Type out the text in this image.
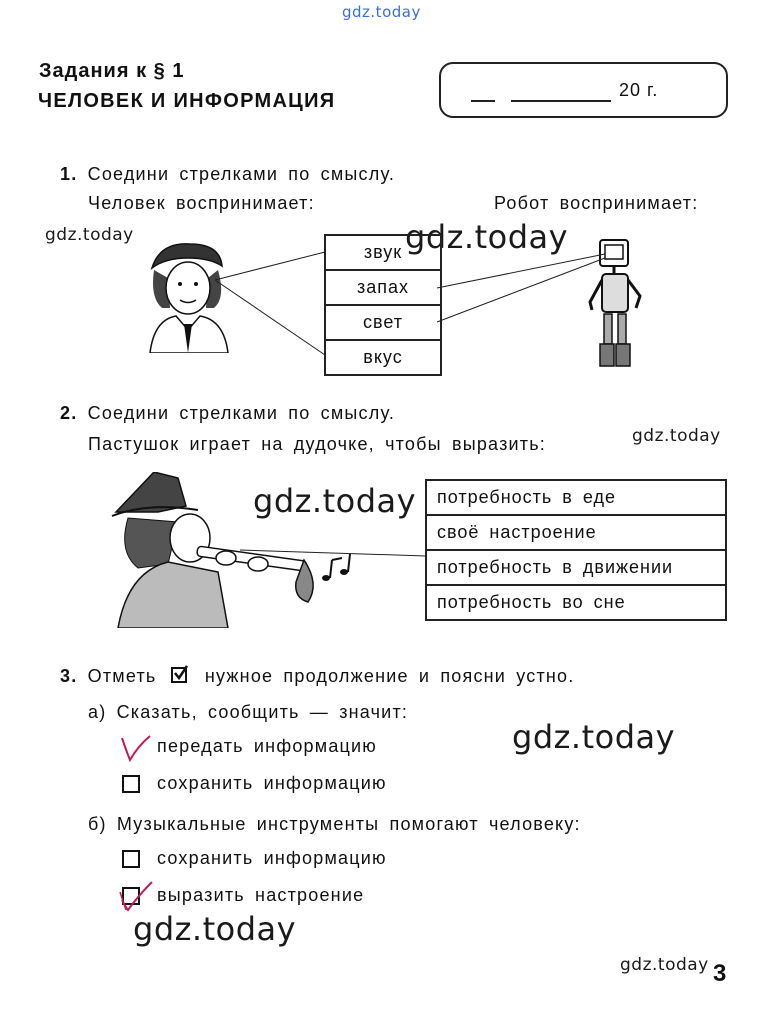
gdz.today
gdz.today	gdz.today
gdz.today
gdz.today
gdz.today
gdz.today
gdz.today
Задания к § 1
ЧЕЛОВЕК И ИНФОРМАЦИЯ	20 г.
1. Соедини стрелками по смыслу.
Человек воспринимает:	Робот воспринимает:
звук
запах
свет
вкус
2. Соедини стрелками по смыслу.
Пастушок играет на дудочке, чтобы выразить:
потребность в еде
своё настроение
потребность в движении
потребность во сне
3. Отметь	нужное продолжение и поясни устно.
а) Сказать, сообщить — значит:
передать информацию
сохранить информацию
б) Музыкальные инструменты помогают человеку:
сохранить информацию
выразить настроение
3
